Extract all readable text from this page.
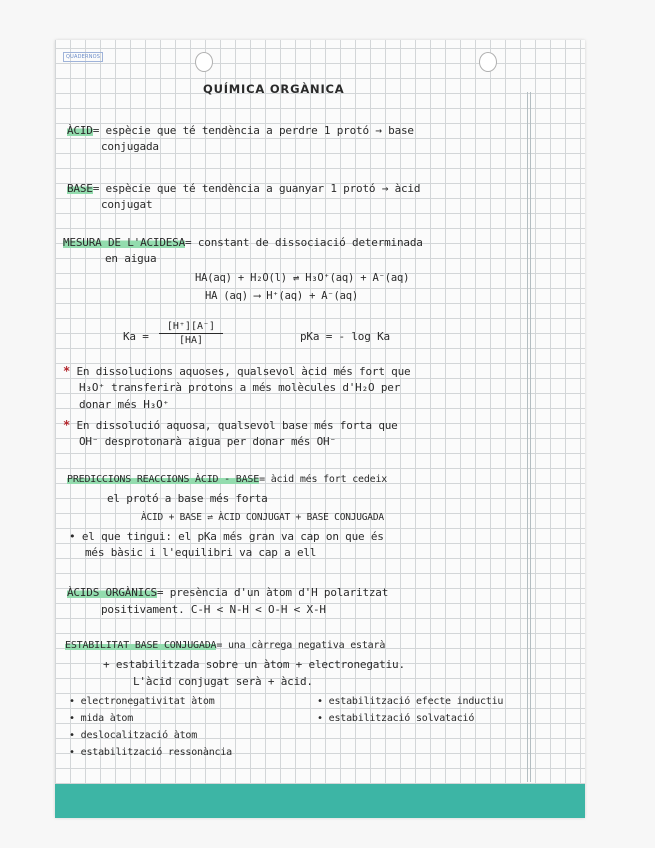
QUADERNOS
QUÍMICA ORGÀNICA
ÀCID= espècie que té tendència a perdre 1 protó → base
conjugada
BASE= espècie que té tendència a guanyar 1 protó → àcid
conjugat
MESURA DE L'ACIDESA= constant de dissociació determinada
en aigua
HA(aq) + H₂O(l) ⇌ H₃O⁺(aq) + A⁻(aq)
HA (aq) ⟶ H⁺(aq) + A⁻(aq)
Ka =
[H⁺][A⁻]
[HA]	pKa = - log Ka
* En dissolucions aquoses, qualsevol àcid més fort que
H₃O⁺ transferirà protons a més molècules d'H₂O per
donar més H₃O⁺
* En dissolució aquosa, qualsevol base més forta que
OH⁻ desprotonarà aigua per donar més OH⁻
PREDICCIONS REACCIONS ÀCID - BASE= àcid més fort cedeix
el protó a base més forta
ÀCID + BASE ⇌ ÀCID CONJUGAT + BASE CONJUGADA
• el que tingui: el pKa més gran va cap on que és
més bàsic i l'equilibri va cap a ell
ÀCIDS ORGÀNICS= presència d'un àtom d'H polaritzat
positivament. C-H < N-H < O-H < X-H
ESTABILITAT BASE CONJUGADA= una càrrega negativa estarà
+ estabilitzada sobre un àtom + electronegatiu.
L'àcid conjugat serà + àcid.
• electronegativitat àtom
• mida àtom
• deslocalització àtom
• estabilització ressonància
• estabilització efecte inductiu
• estabilització solvatació
